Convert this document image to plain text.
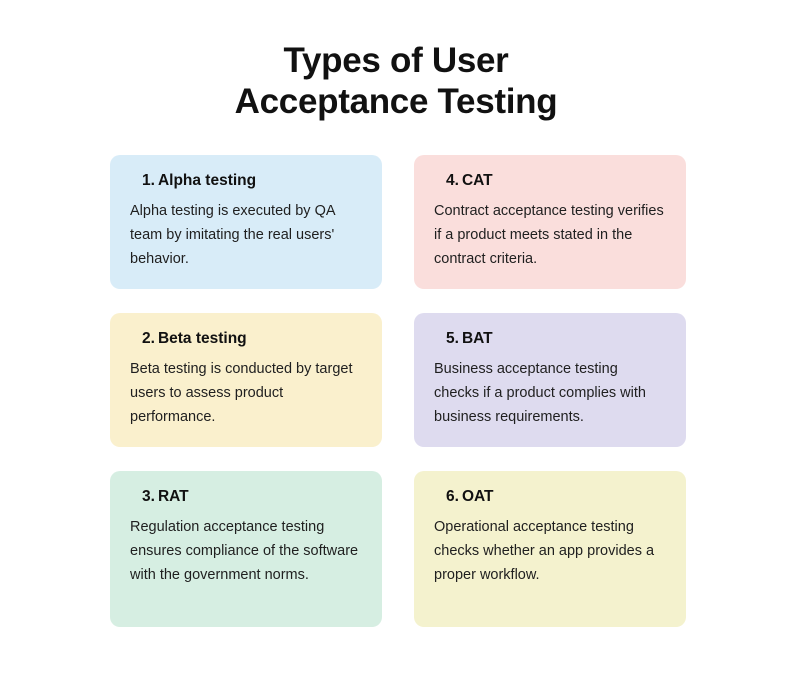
Types of User
Acceptance Testing

1. Alpha testing

Alpha testing is executed by QA team by imitating the real users' behavior.

2. Beta testing

Beta testing is conducted by target users to assess product performance.

3. RAT

Regulation acceptance testing ensures compliance of the software with the government norms.

4. CAT

Contract acceptance testing verifies if a product meets stated in the contract criteria.

5. BAT

Business acceptance testing checks if a product complies with business requirements.

6. OAT

Operational acceptance testing checks whether an app provides a proper workflow.
